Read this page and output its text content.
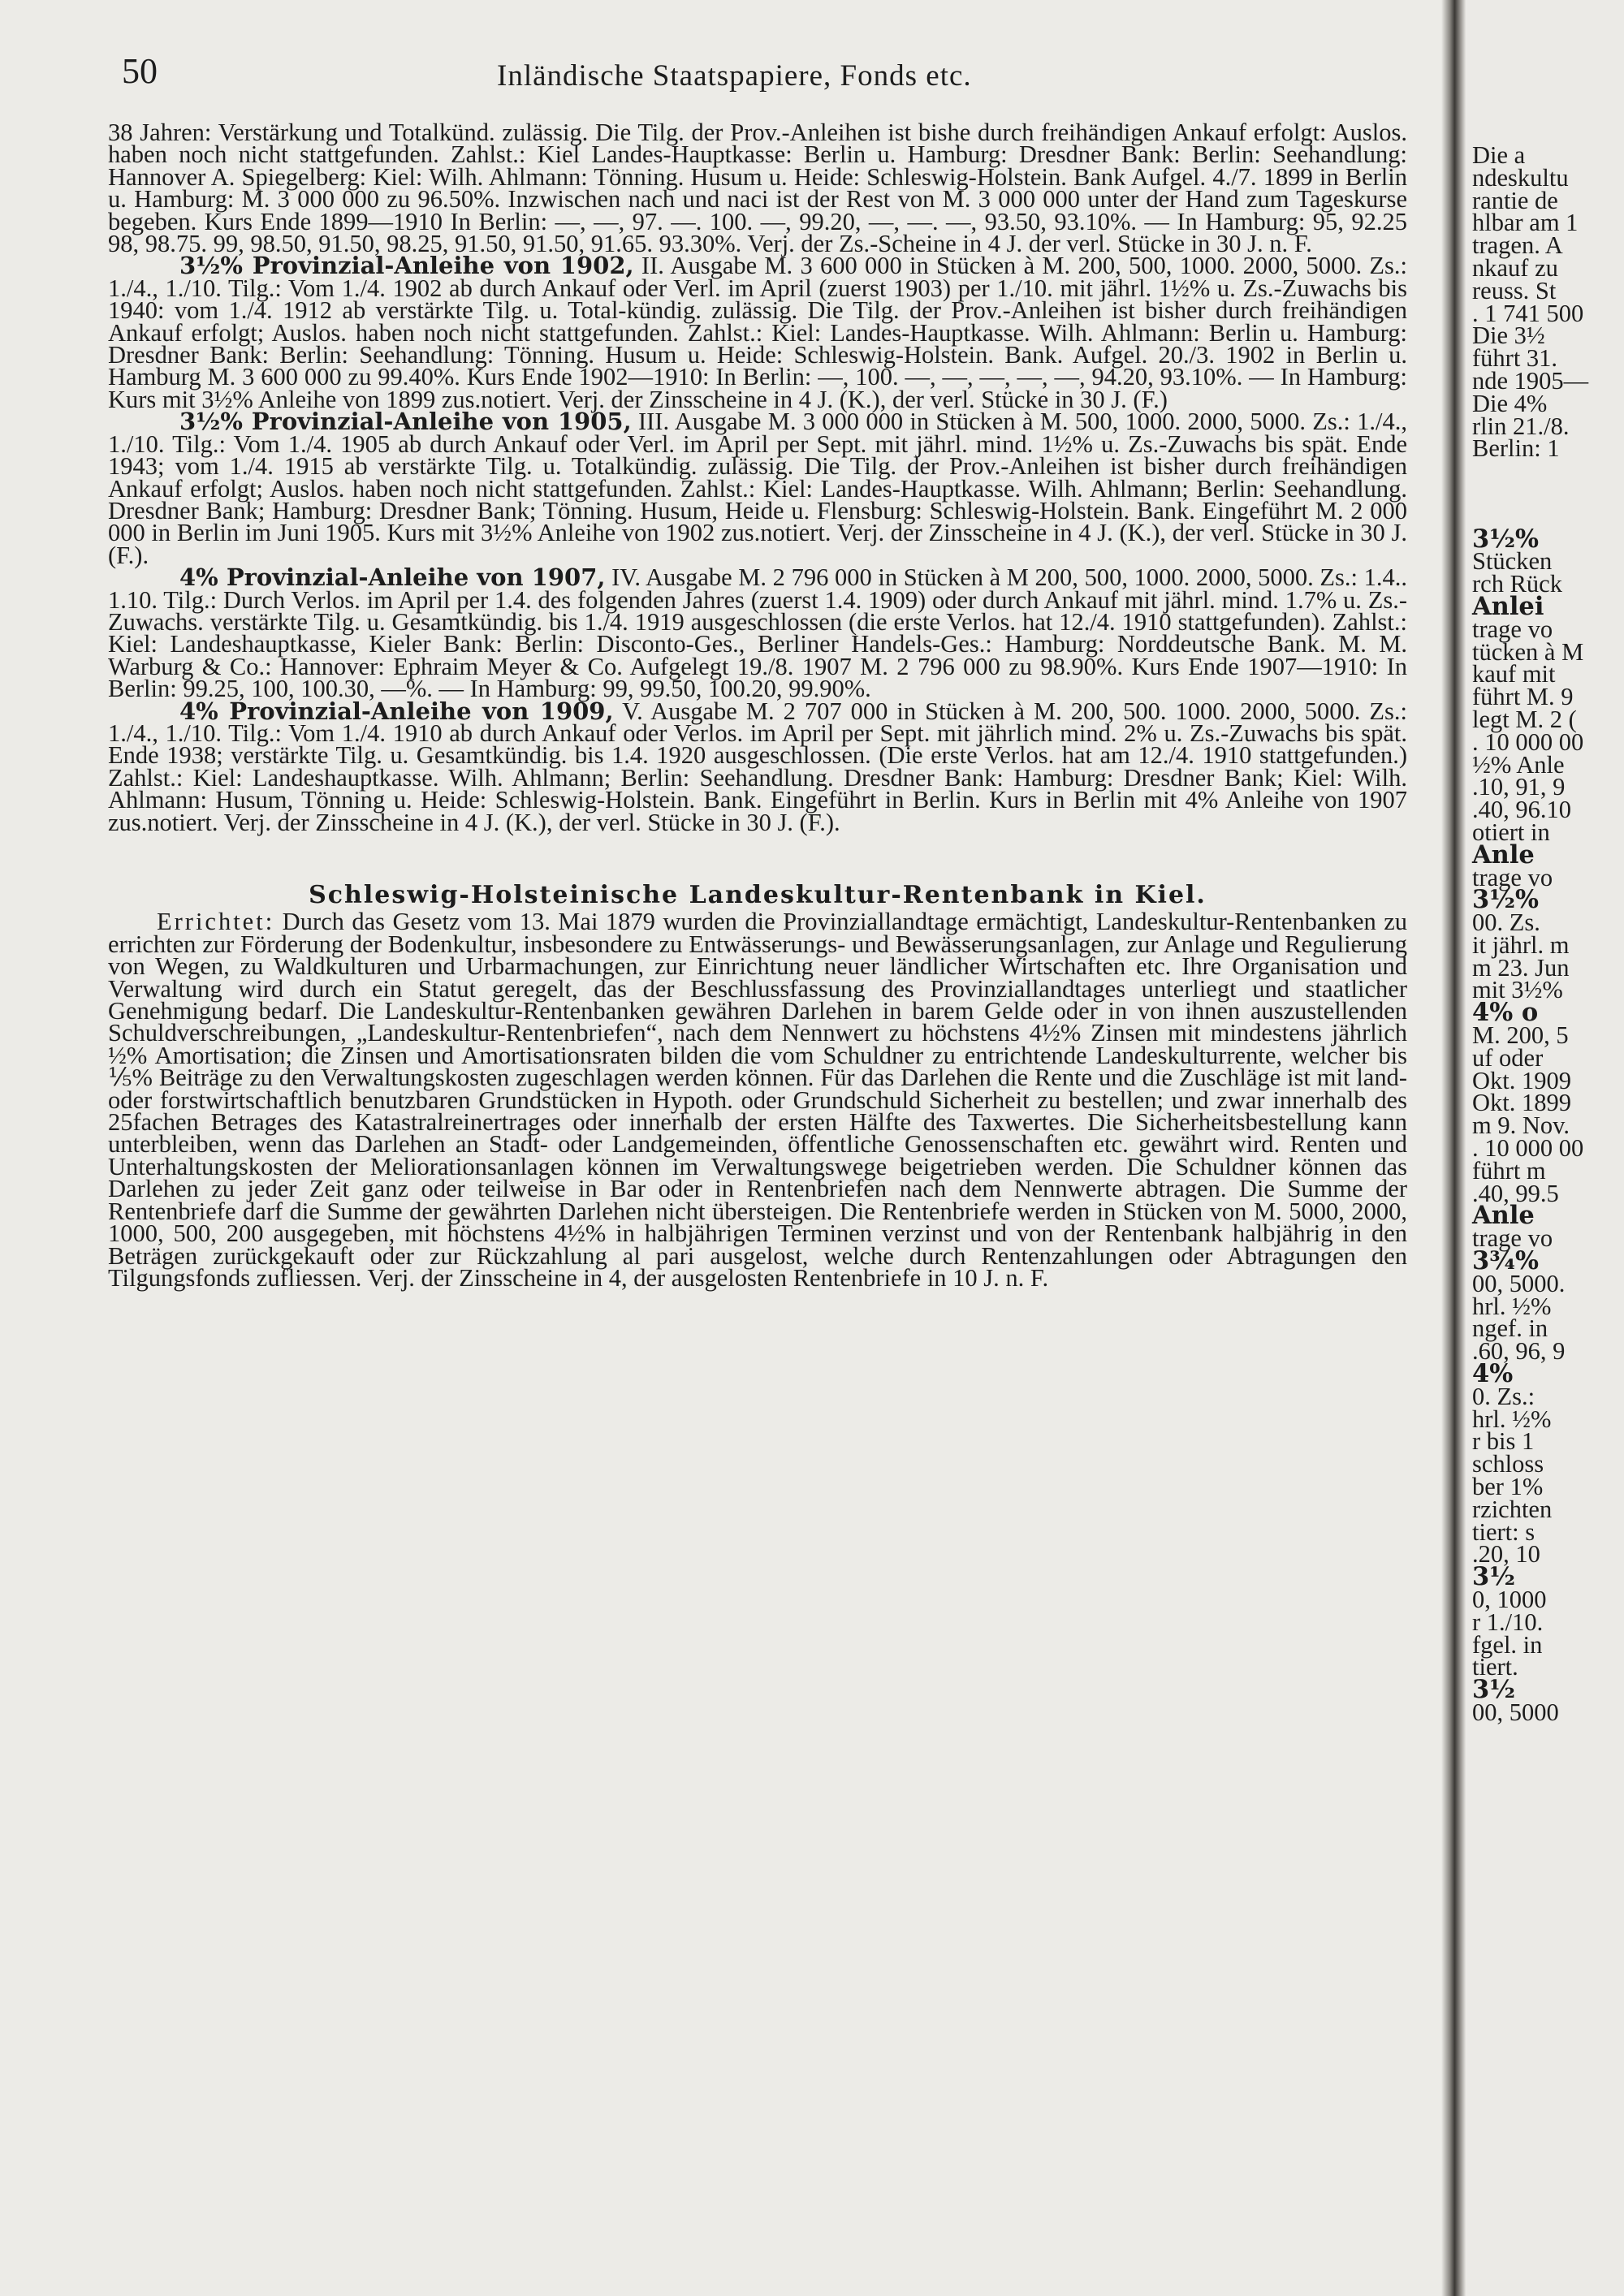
50	Inländische Staatspapiere, Fonds etc.

38 Jahren: Verstärkung und Totalkünd. zulässig. Die Tilg. der Prov.-Anleihen ist bishe durch freihändigen Ankauf erfolgt: Auslos. haben noch nicht stattgefunden. Zahlst.: Kiel Landes-Hauptkasse: Berlin u. Hamburg: Dresdner Bank: Berlin: Seehandlung: Hannover A. Spiegelberg: Kiel: Wilh. Ahlmann: Tönning. Husum u. Heide: Schleswig-Holstein. Bank Aufgel. 4./7. 1899 in Berlin u. Hamburg: M. 3 000 000 zu 96.50%. Inzwischen nach und naci ist der Rest von M. 3 000 000 unter der Hand zum Tageskurse begeben. Kurs Ende 1899—1910 In Berlin: —, —, 97. —. 100. —, 99.20, —, —. —, 93.50, 93.10%. — In Hamburg: 95, 92.25 98, 98.75. 99, 98.50, 91.50, 98.25, 91.50, 91.50, 91.65. 93.30%. Verj. der Zs.-Scheine in 4 J. der verl. Stücke in 30 J. n. F.

3½% Provinzial-Anleihe von 1902, II. Ausgabe M. 3 600 000 in Stücken à M. 200, 500, 1000. 2000, 5000. Zs.: 1./4., 1./10. Tilg.: Vom 1./4. 1902 ab durch Ankauf oder Verl. im April (zuerst 1903) per 1./10. mit jährl. 1½% u. Zs.-Zuwachs bis 1940: vom 1./4. 1912 ab verstärkte Tilg. u. Total-kündig. zulässig. Die Tilg. der Prov.-Anleihen ist bisher durch freihändigen Ankauf erfolgt; Auslos. haben noch nicht stattgefunden. Zahlst.: Kiel: Landes-Hauptkasse. Wilh. Ahlmann: Berlin u. Hamburg: Dresdner Bank: Berlin: Seehandlung: Tönning. Husum u. Heide: Schleswig-Holstein. Bank. Aufgel. 20./3. 1902 in Berlin u. Hamburg M. 3 600 000 zu 99.40%. Kurs Ende 1902—1910: In Berlin: —, 100. —, —, —, —, —, 94.20, 93.10%. — In Hamburg: Kurs mit 3½% Anleihe von 1899 zus.notiert. Verj. der Zinsscheine in 4 J. (K.), der verl. Stücke in 30 J. (F.)

3½% Provinzial-Anleihe von 1905, III. Ausgabe M. 3 000 000 in Stücken à M. 500, 1000. 2000, 5000. Zs.: 1./4., 1./10. Tilg.: Vom 1./4. 1905 ab durch Ankauf oder Verl. im April per Sept. mit jährl. mind. 1½% u. Zs.-Zuwachs bis spät. Ende 1943; vom 1./4. 1915 ab verstärkte Tilg. u. Totalkündig. zulässig. Die Tilg. der Prov.-Anleihen ist bisher durch freihändigen Ankauf erfolgt; Auslos. haben noch nicht stattgefunden. Zahlst.: Kiel: Landes-Hauptkasse. Wilh. Ahlmann; Berlin: Seehandlung. Dresdner Bank; Hamburg: Dresdner Bank; Tönning. Husum, Heide u. Flensburg: Schleswig-Holstein. Bank. Eingeführt M. 2 000 000 in Berlin im Juni 1905. Kurs mit 3½% Anleihe von 1902 zus.notiert. Verj. der Zinsscheine in 4 J. (K.), der verl. Stücke in 30 J. (F.).

4% Provinzial-Anleihe von 1907, IV. Ausgabe M. 2 796 000 in Stücken à M 200, 500, 1000. 2000, 5000. Zs.: 1.4.. 1.10. Tilg.: Durch Verlos. im April per 1.4. des folgenden Jahres (zuerst 1.4. 1909) oder durch Ankauf mit jährl. mind. 1.7% u. Zs.-Zuwachs. verstärkte Tilg. u. Gesamtkündig. bis 1./4. 1919 ausgeschlossen (die erste Verlos. hat 12./4. 1910 stattgefunden). Zahlst.: Kiel: Landeshauptkasse, Kieler Bank: Berlin: Disconto-Ges., Berliner Handels-Ges.: Hamburg: Norddeutsche Bank. M. M. Warburg & Co.: Hannover: Ephraim Meyer & Co. Aufgelegt 19./8. 1907 M. 2 796 000 zu 98.90%. Kurs Ende 1907—1910: In Berlin: 99.25, 100, 100.30, —%. — In Hamburg: 99, 99.50, 100.20, 99.90%.

4% Provinzial-Anleihe von 1909, V. Ausgabe M. 2 707 000 in Stücken à M. 200, 500. 1000. 2000, 5000. Zs.: 1./4., 1./10. Tilg.: Vom 1./4. 1910 ab durch Ankauf oder Verlos. im April per Sept. mit jährlich mind. 2% u. Zs.-Zuwachs bis spät. Ende 1938; verstärkte Tilg. u. Gesamtkündig. bis 1.4. 1920 ausgeschlossen. (Die erste Verlos. hat am 12./4. 1910 stattgefunden.) Zahlst.: Kiel: Landeshauptkasse. Wilh. Ahlmann; Berlin: Seehandlung. Dresdner Bank: Hamburg: Dresdner Bank; Kiel: Wilh. Ahlmann: Husum, Tönning u. Heide: Schleswig-Holstein. Bank. Eingeführt in Berlin. Kurs in Berlin mit 4% Anleihe von 1907 zus.notiert. Verj. der Zinsscheine in 4 J. (K.), der verl. Stücke in 30 J. (F.).

Schleswig-Holsteinische Landeskultur-Rentenbank in Kiel.

Errichtet: Durch das Gesetz vom 13. Mai 1879 wurden die Provinziallandtage ermächtigt, Landeskultur-Rentenbanken zu errichten zur Förderung der Bodenkultur, insbesondere zu Entwässerungs- und Bewässerungsanlagen, zur Anlage und Regulierung von Wegen, zu Waldkulturen und Urbarmachungen, zur Einrichtung neuer ländlicher Wirtschaften etc. Ihre Organisation und Verwaltung wird durch ein Statut geregelt, das der Beschlussfassung des Provinziallandtages unterliegt und staatlicher Genehmigung bedarf. Die Landeskultur-Rentenbanken gewähren Darlehen in barem Gelde oder in von ihnen auszustellenden Schuldverschreibungen, „Landeskultur-Rentenbriefen“, nach dem Nennwert zu höchstens 4½% Zinsen mit mindestens jährlich ½% Amortisation; die Zinsen und Amortisationsraten bilden die vom Schuldner zu entrichtende Landeskulturrente, welcher bis ⅕% Beiträge zu den Verwaltungskosten zugeschlagen werden können. Für das Darlehen die Rente und die Zuschläge ist mit land- oder forstwirtschaftlich benutzbaren Grundstücken in Hypoth. oder Grundschuld Sicherheit zu bestellen; und zwar innerhalb des 25fachen Betrages des Katastralreinertrages oder innerhalb der ersten Hälfte des Taxwertes. Die Sicherheitsbestellung kann unterbleiben, wenn das Darlehen an Stadt- oder Landgemeinden, öffentliche Genossenschaften etc. gewährt wird. Renten und Unterhaltungskosten der Meliorationsanlagen können im Verwaltungswege beigetrieben werden. Die Schuldner können das Darlehen zu jeder Zeit ganz oder teilweise in Bar oder in Rentenbriefen nach dem Nennwerte abtragen. Die Summe der Rentenbriefe darf die Summe der gewährten Darlehen nicht übersteigen. Die Rentenbriefe werden in Stücken von M. 5000, 2000, 1000, 500, 200 ausgegeben, mit höchstens 4½% in halbjährigen Terminen verzinst und von der Rentenbank halbjährig in den Beträgen zurückgekauft oder zur Rückzahlung al pari ausgelost, welche durch Rentenzahlungen oder Abtragungen den Tilgungsfonds zufliessen. Verj. der Zinsscheine in 4, der ausgelosten Rentenbriefe in 10 J. n. F.

Die a
ndeskultu
rantie de
hlbar am 1
tragen. A
nkauf zu
reuss. St
. 1 741 500
Die 3½
führt 31.
nde 1905—
Die 4%
rlin 21./8.
Berlin: 1
3½%
Stücken
rch Rück
Anlei
trage vo
tücken à M
kauf mit
führt M. 9
legt M. 2 (
. 10 000 00
½% Anle
.10, 91, 9
.40, 96.10
otiert in
Anle
trage vo
3½%
00. Zs.
it jährl. m
m 23. Jun
mit 3½%
4% o
M. 200, 5
uf oder
Okt. 1909
Okt. 1899
m 9. Nov.
. 10 000 00
führt m
.40, 99.5
Anle
trage vo
3¾%
00, 5000.
hrl. ½%
ngef. in
.60, 96, 9
4%
0. Zs.:
hrl. ½%
r bis 1
schloss
ber 1%
rzichten
tiert: s
.20, 10
3½
0, 1000
r 1./10.
fgel. in
tiert.
3½
00, 5000
